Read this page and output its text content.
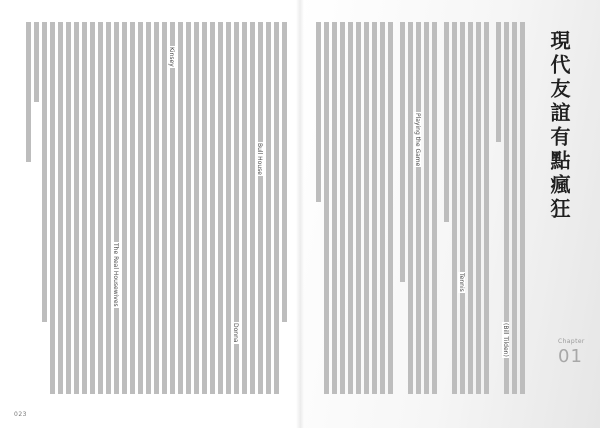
Bull House
Donna
Kinsey
The Real Housewives
023
(Bill Tilden)
Tennis
Playing the Game	現代友誼有點瘋狂
Chapter
01
